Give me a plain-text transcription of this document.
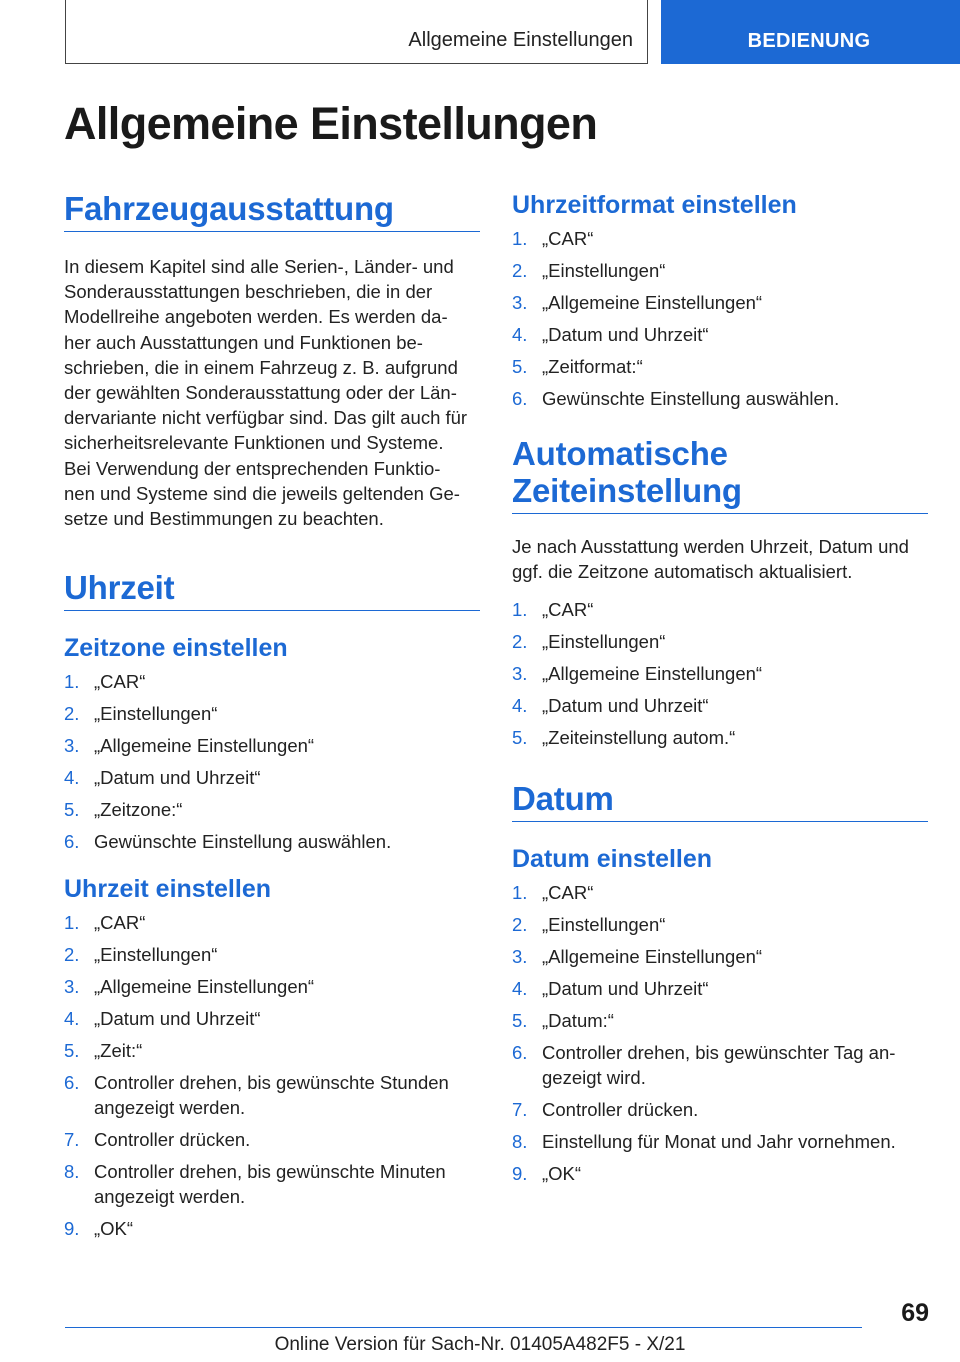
Allgemeine Einstellungen	BEDIENUNG
Allgemeine Einstellungen
Fahrzeugausstattung

In diesem Kapitel sind alle Serien-, Länder- und
Sonderausstattungen beschrieben, die in der
Modellreihe angeboten werden. Es werden da-
her auch Ausstattungen und Funktionen be-
schrieben, die in einem Fahrzeug z. B. aufgrund
der gewählten Sonderausstattung oder der Län-
dervariante nicht verfügbar sind. Das gilt auch für
sicherheitsrelevante Funktionen und Systeme.
Bei Verwendung der entsprechenden Funktio-
nen und Systeme sind die jeweils geltenden Ge-
setze und Bestimmungen zu beachten.

Uhrzeit
Zeitzone einstellen
1. „CAR“
2. „Einstellungen“
3. „Allgemeine Einstellungen“
4. „Datum und Uhrzeit“
5. „Zeitzone:“
6. Gewünschte Einstellung auswählen.
Uhrzeit einstellen
1. „CAR“
2. „Einstellungen“
3. „Allgemeine Einstellungen“
4. „Datum und Uhrzeit“
5. „Zeit:“
6. Controller drehen, bis gewünschte Stunden
angezeigt werden.
7. Controller drücken.
8. Controller drehen, bis gewünschte Minuten
angezeigt werden.
9. „OK“
Uhrzeitformat einstellen
1. „CAR“
2. „Einstellungen“
3. „Allgemeine Einstellungen“
4. „Datum und Uhrzeit“
5. „Zeitformat:“
6. Gewünschte Einstellung auswählen.
Automatische
Zeiteinstellung

Je nach Ausstattung werden Uhrzeit, Datum und
ggf. die Zeitzone automatisch aktualisiert.

1. „CAR“
2. „Einstellungen“
3. „Allgemeine Einstellungen“
4. „Datum und Uhrzeit“
5. „Zeiteinstellung autom.“
Datum
Datum einstellen
1. „CAR“
2. „Einstellungen“
3. „Allgemeine Einstellungen“
4. „Datum und Uhrzeit“
5. „Datum:“
6. Controller drehen, bis gewünschter Tag an-
gezeigt wird.
7. Controller drücken.
8. Einstellung für Monat und Jahr vornehmen.
9. „OK“
69
Online Version für Sach-Nr. 01405A482F5 - X/21
